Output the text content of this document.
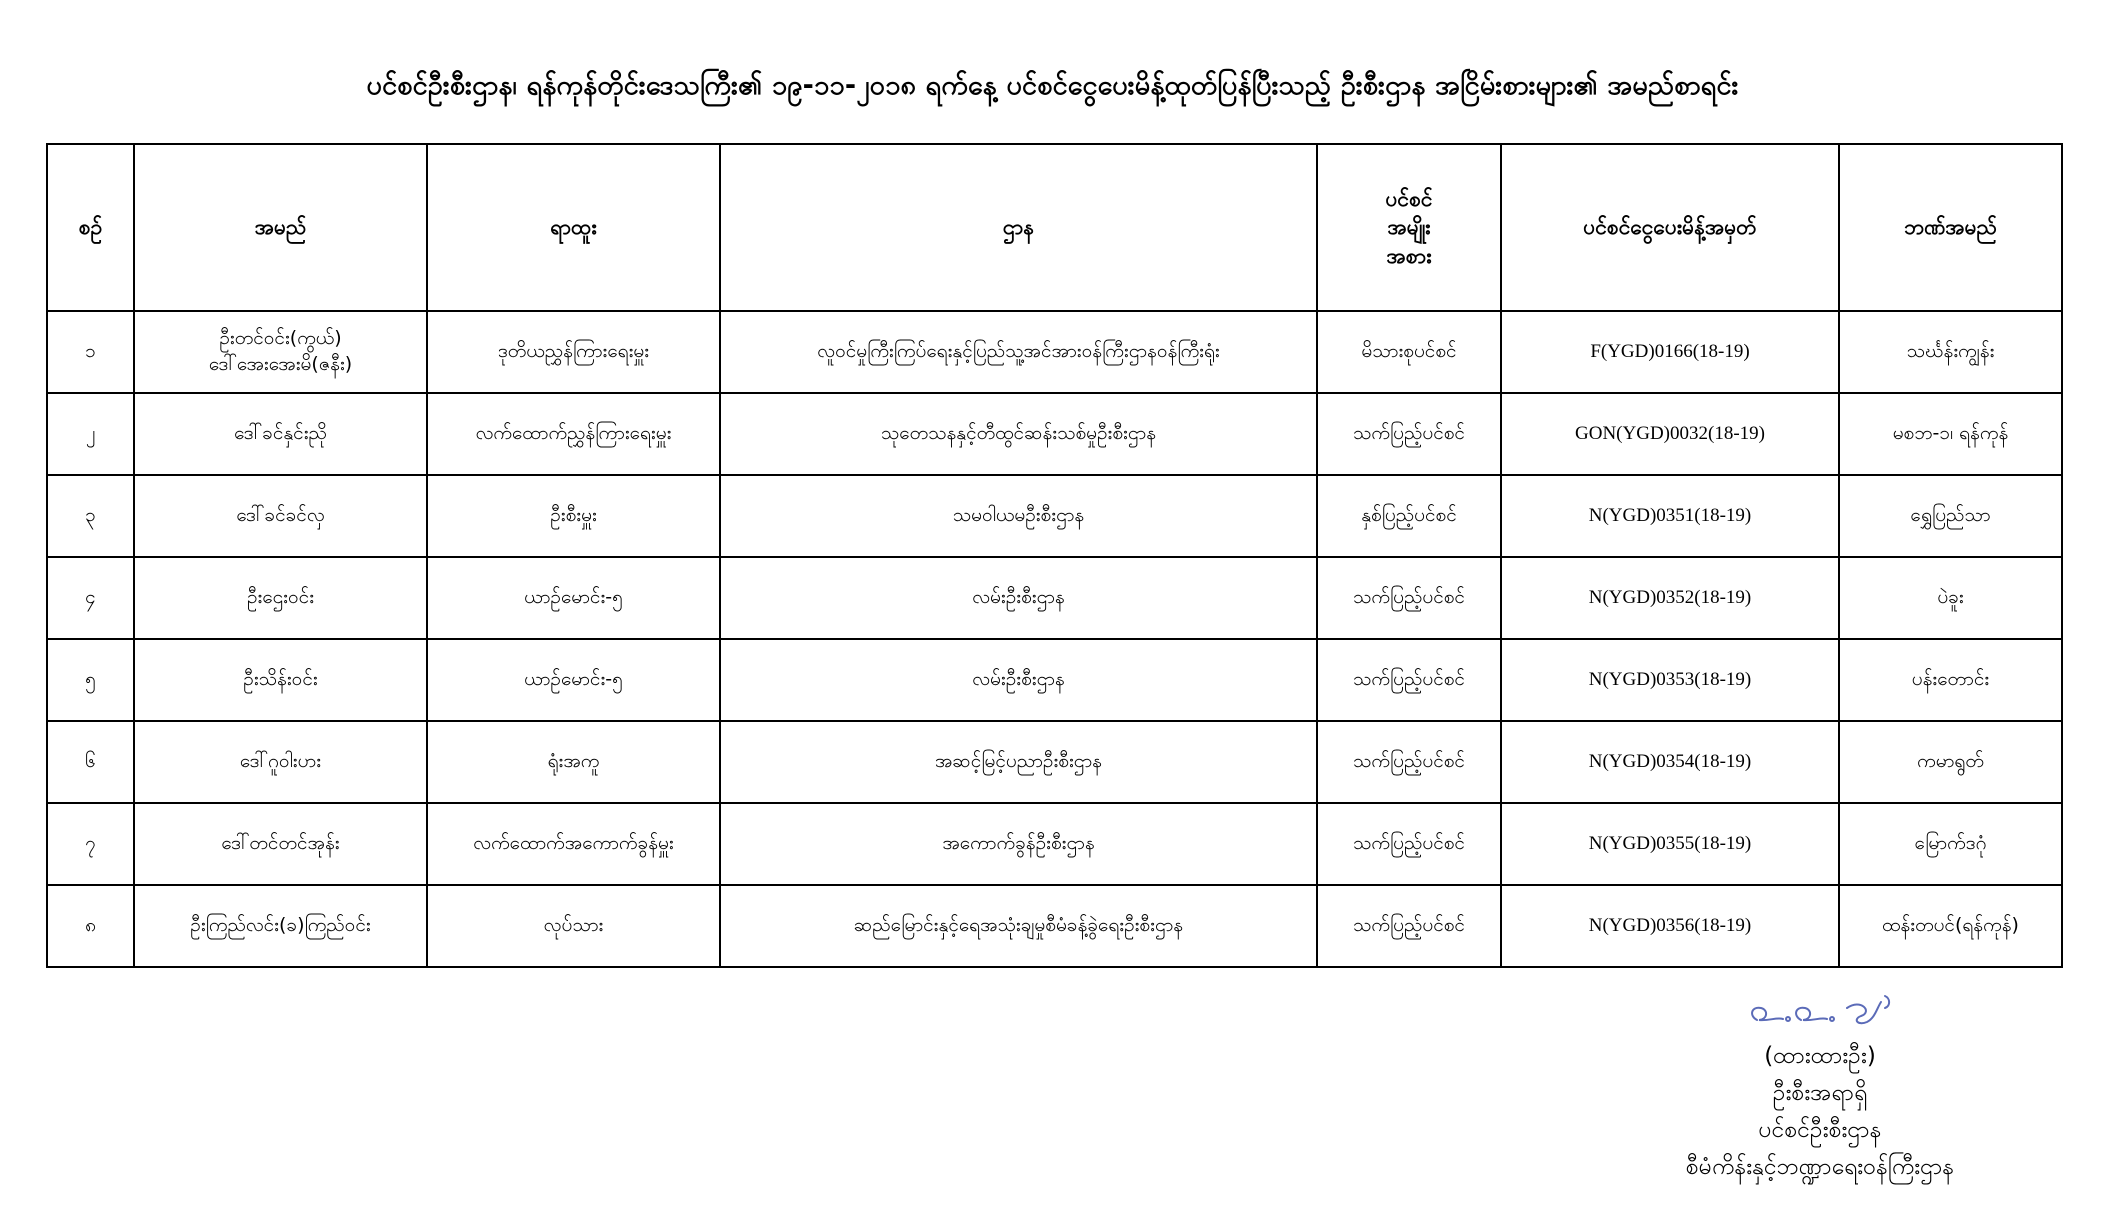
ပင်စင်ဦးစီးဌာန၊ ရန်ကုန်တိုင်းဒေသကြီး၏ ၁၉-၁၁-၂၀၁၈ ရက်နေ့ ပင်စင်ငွေပေးမိန့်ထုတ်ပြန်ပြီးသည့် ဦးစီးဌာန အငြိမ်းစားများ၏ အမည်စာရင်း
စဉ်	အမည်	ရာထူး	ဌာန	ပင်စင်
အမျိုး
အစား	ပင်စင်ငွေပေးမိန့်အမှတ်	ဘဏ်အမည်
၁	ဦးတင်ဝင်း(ကွယ်)
ဒေါ်အေးအေးမိ(ဇနီး)	ဒုတိယညွှန်ကြားရေးမှူး	လူဝင်မှုကြီးကြပ်ရေးနှင့်ပြည်သူ့အင်အားဝန်ကြီးဌာနဝန်ကြီးရုံး	မိသားစုပင်စင်	F(YGD)0166(18-19)	သင်္ဃန်းကျွန်း
၂	ဒေါ်ခင်နှင်းညို	လက်ထောက်ညွှန်ကြားရေးမှူး	သုတေသနနှင့်တီထွင်ဆန်းသစ်မှုဦးစီးဌာန	သက်ပြည့်ပင်စင်	GON(YGD)0032(18-19)	မစဘ-၁၊ ရန်ကုန်
၃	ဒေါ်ခင်ခင်လှ	ဦးစီးမှူး	သမဝါယမဦးစီးဌာန	နှစ်ပြည့်ပင်စင်	N(YGD)0351(18-19)	ရွှေပြည်သာ
၄	ဦးဌေးဝင်း	ယာဉ်မောင်း-၅	လမ်းဦးစီးဌာန	သက်ပြည့်ပင်စင်	N(YGD)0352(18-19)	ပဲခူး
၅	ဦးသိန်းဝင်း	ယာဉ်မောင်း-၅	လမ်းဦးစီးဌာန	သက်ပြည့်ပင်စင်	N(YGD)0353(18-19)	ပန်းတောင်း
၆	ဒေါ်ဂူဝါးပား	ရုံးအကူ	အဆင့်မြင့်ပညာဦးစီးဌာန	သက်ပြည့်ပင်စင်	N(YGD)0354(18-19)	ကမာရွတ်
၇	ဒေါ်တင်တင်အုန်း	လက်ထောက်အကောက်ခွန်မှူး	အကောက်ခွန်ဦးစီးဌာန	သက်ပြည့်ပင်စင်	N(YGD)0355(18-19)	မြောက်ဒဂုံ
၈	ဦးကြည်လင်း(ခ)ကြည်ဝင်း	လုပ်သား	ဆည်မြောင်းနှင့်ရေအသုံးချမှုစီမံခန့်ခွဲရေးဦးစီးဌာန	သက်ပြည့်ပင်စင်	N(YGD)0356(18-19)	ထန်းတပင်(ရန်ကုန်)
(ထားထားဦး)
ဦးစီးအရာရှိ
ပင်စင်ဦးစီးဌာန
စီမံကိန်းနှင့်ဘဏ္ဍာရေးဝန်ကြီးဌာန
